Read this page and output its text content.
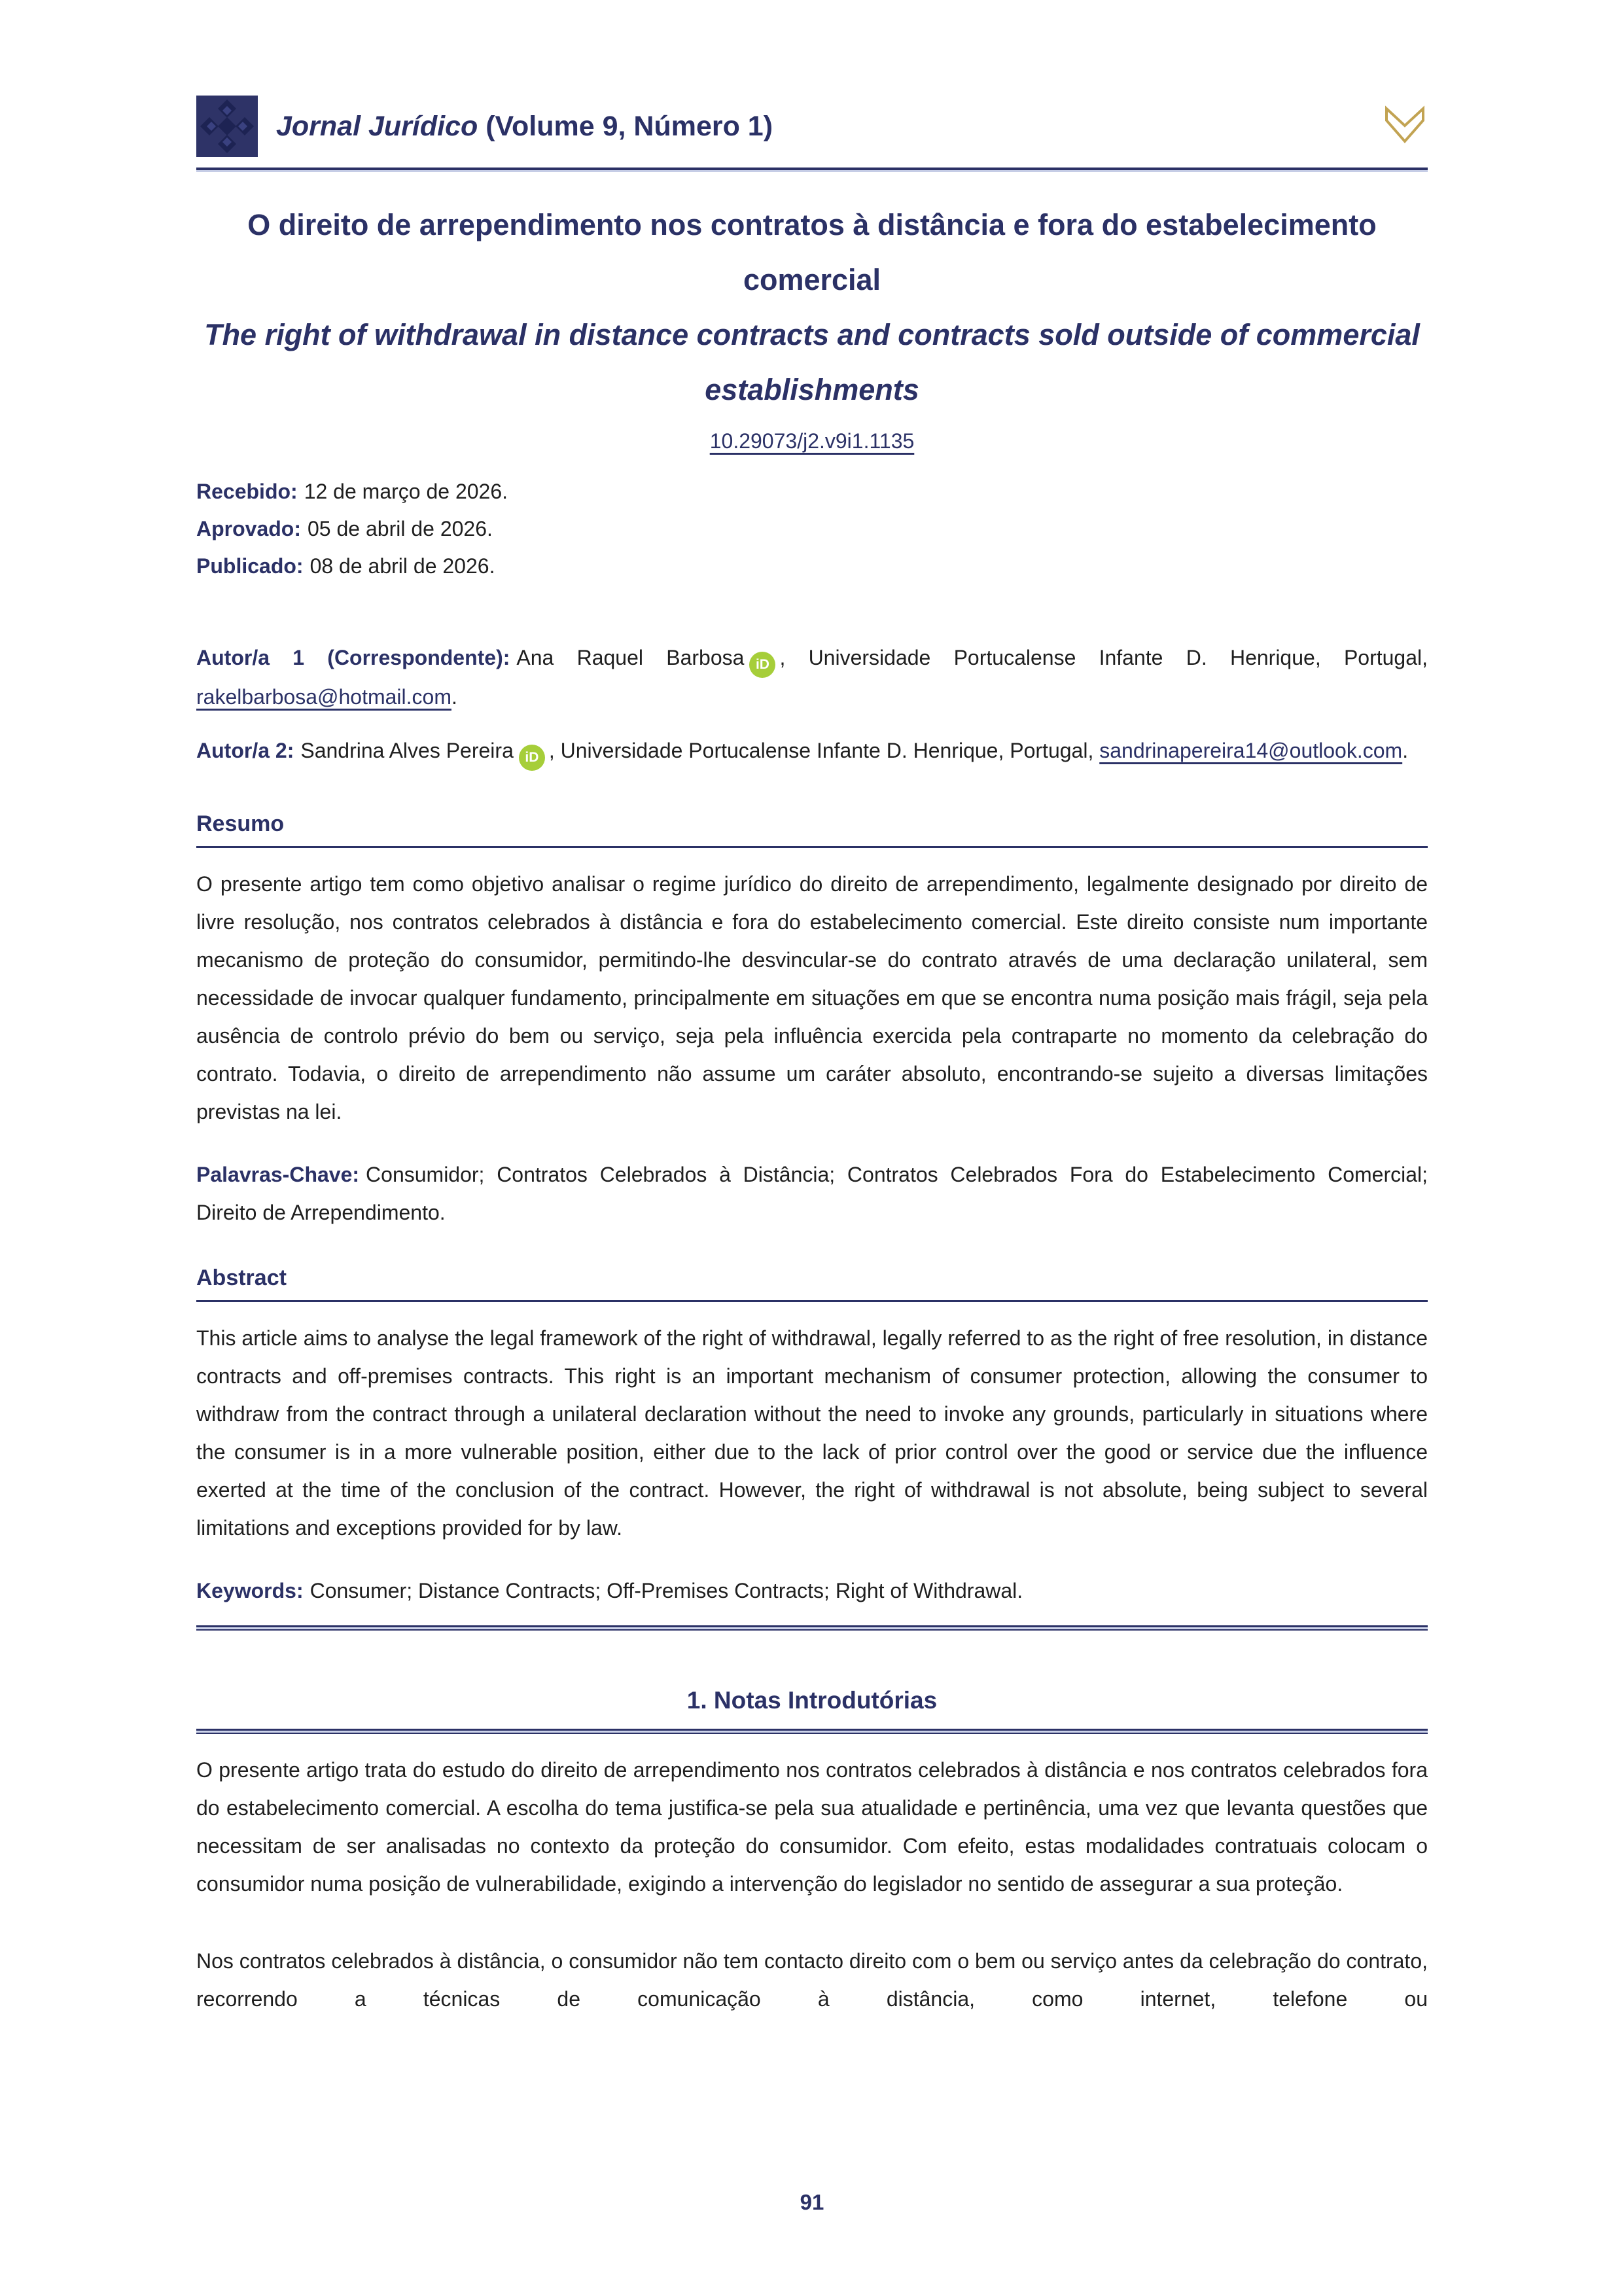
Jornal Jurídico (Volume 9, Número 1)
O direito de arrependimento nos contratos à distância e fora do estabelecimento comercial
The right of withdrawal in distance contracts and contracts sold outside of commercial establishments
10.29073/j2.v9i1.1135
Recebido: 12 de março de 2026.
Aprovado: 05 de abril de 2026.
Publicado: 08 de abril de 2026.

Autor/a 1 (Correspondente): Ana Raquel Barbosa iD , Universidade Portucalense Infante D. Henrique, Portugal, rakelbarbosa@hotmail.com.

Autor/a 2: Sandrina Alves Pereira iD , Universidade Portucalense Infante D. Henrique, Portugal, sandrinapereira14@outlook.com.

Resumo

O presente artigo tem como objetivo analisar o regime jurídico do direito de arrependimento, legalmente designado por direito de livre resolução, nos contratos celebrados à distância e fora do estabelecimento comercial. Este direito consiste num importante mecanismo de proteção do consumidor, permitindo-lhe desvincular-se do contrato através de uma declaração unilateral, sem necessidade de invocar qualquer fundamento, principalmente em situações em que se encontra numa posição mais frágil, seja pela ausência de controlo prévio do bem ou serviço, seja pela influência exercida pela contraparte no momento da celebração do contrato. Todavia, o direito de arrependimento não assume um caráter absoluto, encontrando-se sujeito a diversas limitações previstas na lei.

Palavras-Chave: Consumidor; Contratos Celebrados à Distância; Contratos Celebrados Fora do Estabelecimento Comercial; Direito de Arrependimento.

Abstract

This article aims to analyse the legal framework of the right of withdrawal, legally referred to as the right of free resolution, in distance contracts and off-premises contracts. This right is an important mechanism of consumer protection, allowing the consumer to withdraw from the contract through a unilateral declaration without the need to invoke any grounds, particularly in situations where the consumer is in a more vulnerable position, either due to the lack of prior control over the good or service due the influence exerted at the time of the conclusion of the contract. However, the right of withdrawal is not absolute, being subject to several limitations and exceptions provided for by law.

Keywords: Consumer; Distance Contracts; Off-Premises Contracts; Right of Withdrawal.

1. Notas Introdutórias

O presente artigo trata do estudo do direito de arrependimento nos contratos celebrados à distância e nos contratos celebrados fora do estabelecimento comercial. A escolha do tema justifica-se pela sua atualidade e pertinência, uma vez que levanta questões que necessitam de ser analisadas no contexto da proteção do consumidor. Com efeito, estas modalidades contratuais colocam o consumidor numa posição de vulnerabilidade, exigindo a intervenção do legislador no sentido de assegurar a sua proteção.

Nos contratos celebrados à distância, o consumidor não tem contacto direito com o bem ou serviço antes da celebração do contrato, recorrendo a técnicas de comunicação à distância, como internet, telefone ou

91
